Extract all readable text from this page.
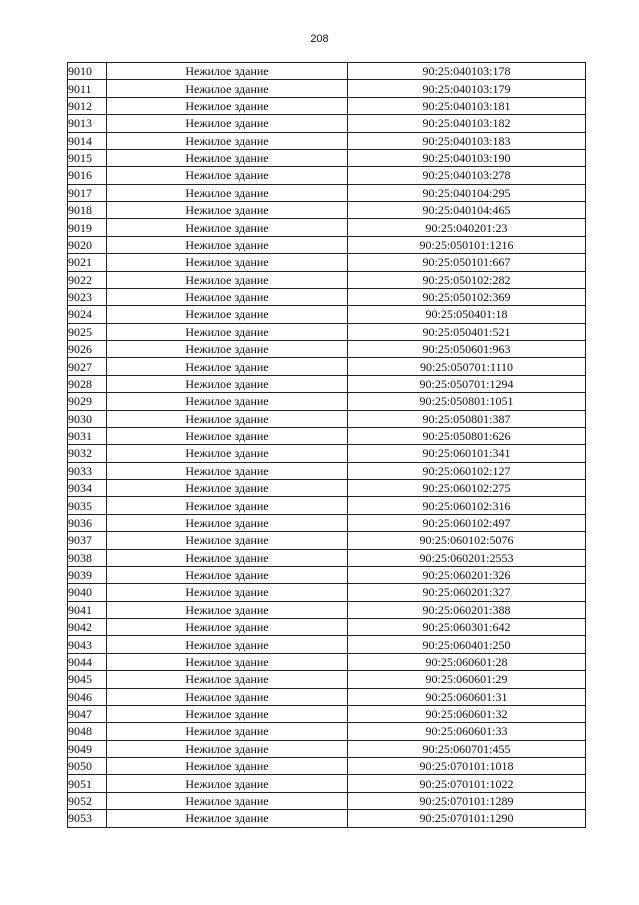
208
9010	Нежилое здание	90:25:040103:178
9011	Нежилое здание	90:25:040103:179
9012	Нежилое здание	90:25:040103:181
9013	Нежилое здание	90:25:040103:182
9014	Нежилое здание	90:25:040103:183
9015	Нежилое здание	90:25:040103:190
9016	Нежилое здание	90:25:040103:278
9017	Нежилое здание	90:25:040104:295
9018	Нежилое здание	90:25:040104:465
9019	Нежилое здание	90:25:040201:23
9020	Нежилое здание	90:25:050101:1216
9021	Нежилое здание	90:25:050101:667
9022	Нежилое здание	90:25:050102:282
9023	Нежилое здание	90:25:050102:369
9024	Нежилое здание	90:25:050401:18
9025	Нежилое здание	90:25:050401:521
9026	Нежилое здание	90:25:050601:963
9027	Нежилое здание	90:25:050701:1110
9028	Нежилое здание	90:25:050701:1294
9029	Нежилое здание	90:25:050801:1051
9030	Нежилое здание	90:25:050801:387
9031	Нежилое здание	90:25:050801:626
9032	Нежилое здание	90:25:060101:341
9033	Нежилое здание	90:25:060102:127
9034	Нежилое здание	90:25:060102:275
9035	Нежилое здание	90:25:060102:316
9036	Нежилое здание	90:25:060102:497
9037	Нежилое здание	90:25:060102:5076
9038	Нежилое здание	90:25:060201:2553
9039	Нежилое здание	90:25:060201:326
9040	Нежилое здание	90:25:060201:327
9041	Нежилое здание	90:25:060201:388
9042	Нежилое здание	90:25:060301:642
9043	Нежилое здание	90:25:060401:250
9044	Нежилое здание	90:25:060601:28
9045	Нежилое здание	90:25:060601:29
9046	Нежилое здание	90:25:060601:31
9047	Нежилое здание	90:25:060601:32
9048	Нежилое здание	90:25:060601:33
9049	Нежилое здание	90:25:060701:455
9050	Нежилое здание	90:25:070101:1018
9051	Нежилое здание	90:25:070101:1022
9052	Нежилое здание	90:25:070101:1289
9053	Нежилое здание	90:25:070101:1290
